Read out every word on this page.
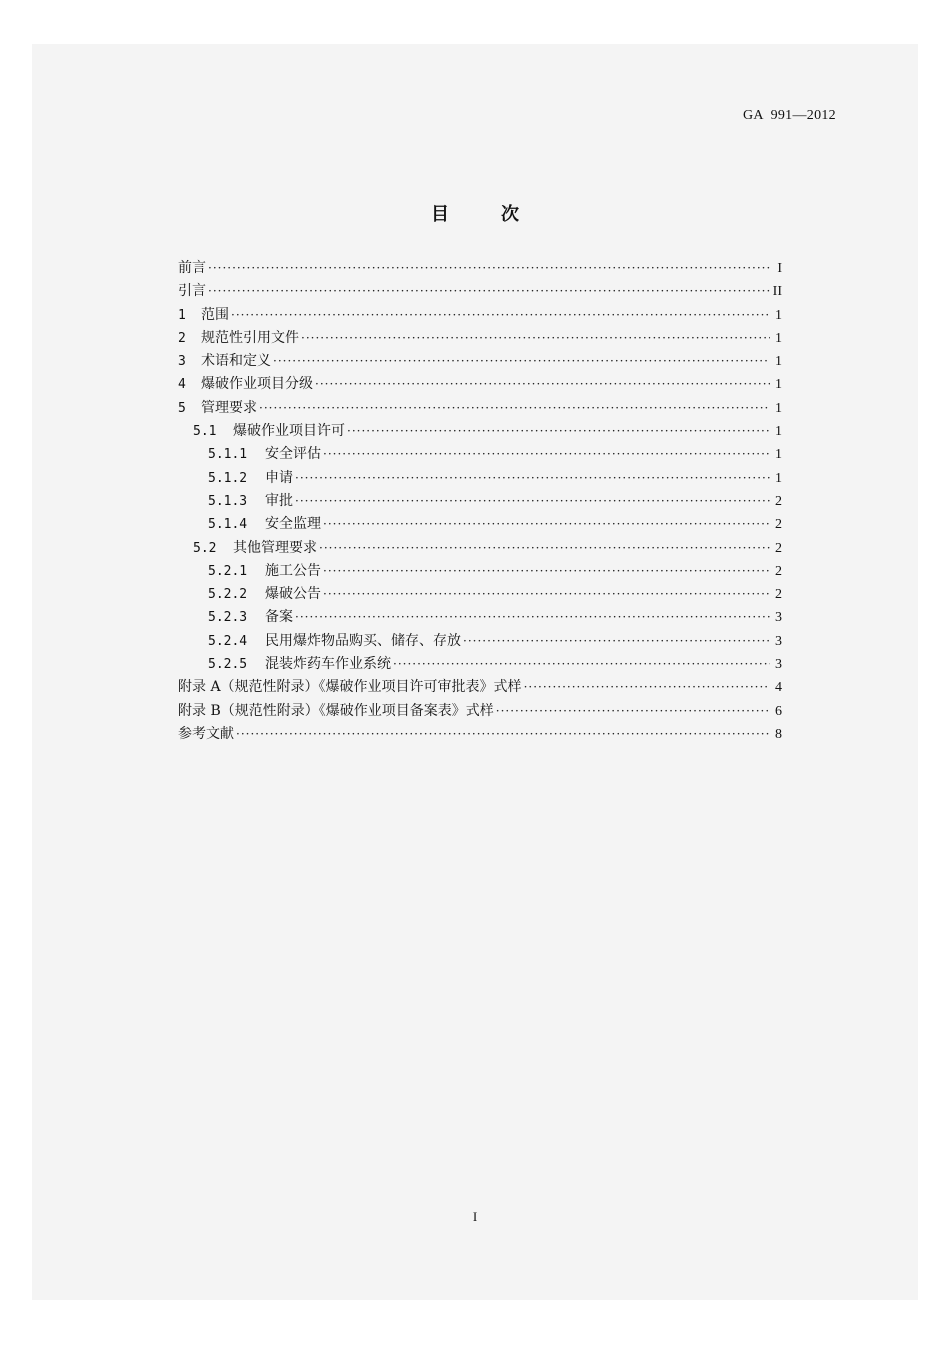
GA  991—2012
目	次
前言 ·····	I
引言 ·····	II
1	范围 ·····	1
2	规范性引用文件 ·····	1
3	术语和定义 ·····	1
4	爆破作业项目分级 ·····	1
5	管理要求 ·····	1
5.1	爆破作业项目许可 ·····	1
5.1.1	安全评估 ·····	1
5.1.2	申请 ·····	1
5.1.3	审批 ·····	2
5.1.4	安全监理 ·····	2
5.2	其他管理要求 ·····	2
5.2.1	施工公告 ·····	2
5.2.2	爆破公告 ·····	2
5.2.3	备案 ·····	3
5.2.4	民用爆炸物品购买、储存、存放 ·····	3
5.2.5	混装炸药车作业系统 ·····	3
附录 A（规范性附录）《爆破作业项目许可审批表》式样 ·····	4
附录 B（规范性附录）《爆破作业项目备案表》式样 ·····	6
参考文献 ·····	8
I
